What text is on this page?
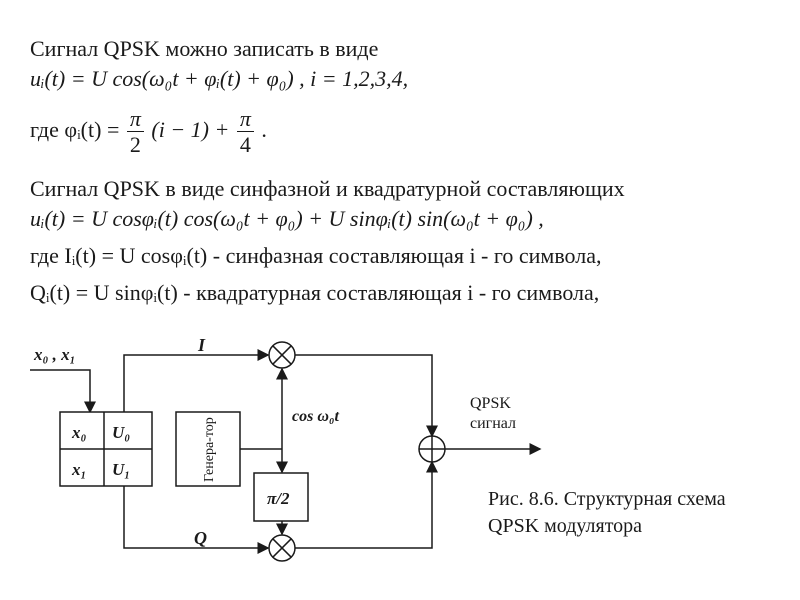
Сигнал QPSK можно записать в виде
uᵢ(t) = U cos(ω₀t + φᵢ(t) + φ₀) , i = 1,2,3,4,
где φᵢ(t) = $\frac{\pi}{2} (i - 1) + \frac{\pi}{4}$ .
Сигнал QPSK в виде синфазной и квадратурной составляющих
uᵢ(t) = U cosφᵢ(t) cos(ω₀t + φ₀) + U sinφᵢ(t) sin(ω₀t + φ₀) ,
где Iᵢ(t) = U cosφᵢ(t) - синфазная составляющая i - го символа,
Qᵢ(t) = U sinφᵢ(t) - квадратурная составляющая i - го символа,
x₀ , x₁
x₀ U₀
x₁ U₁
I
Q
Генера-тор
cos ω₀t
π/2
QPSK
сигнал
Рис. 8.6. Структурная схема
QPSK модулятора
